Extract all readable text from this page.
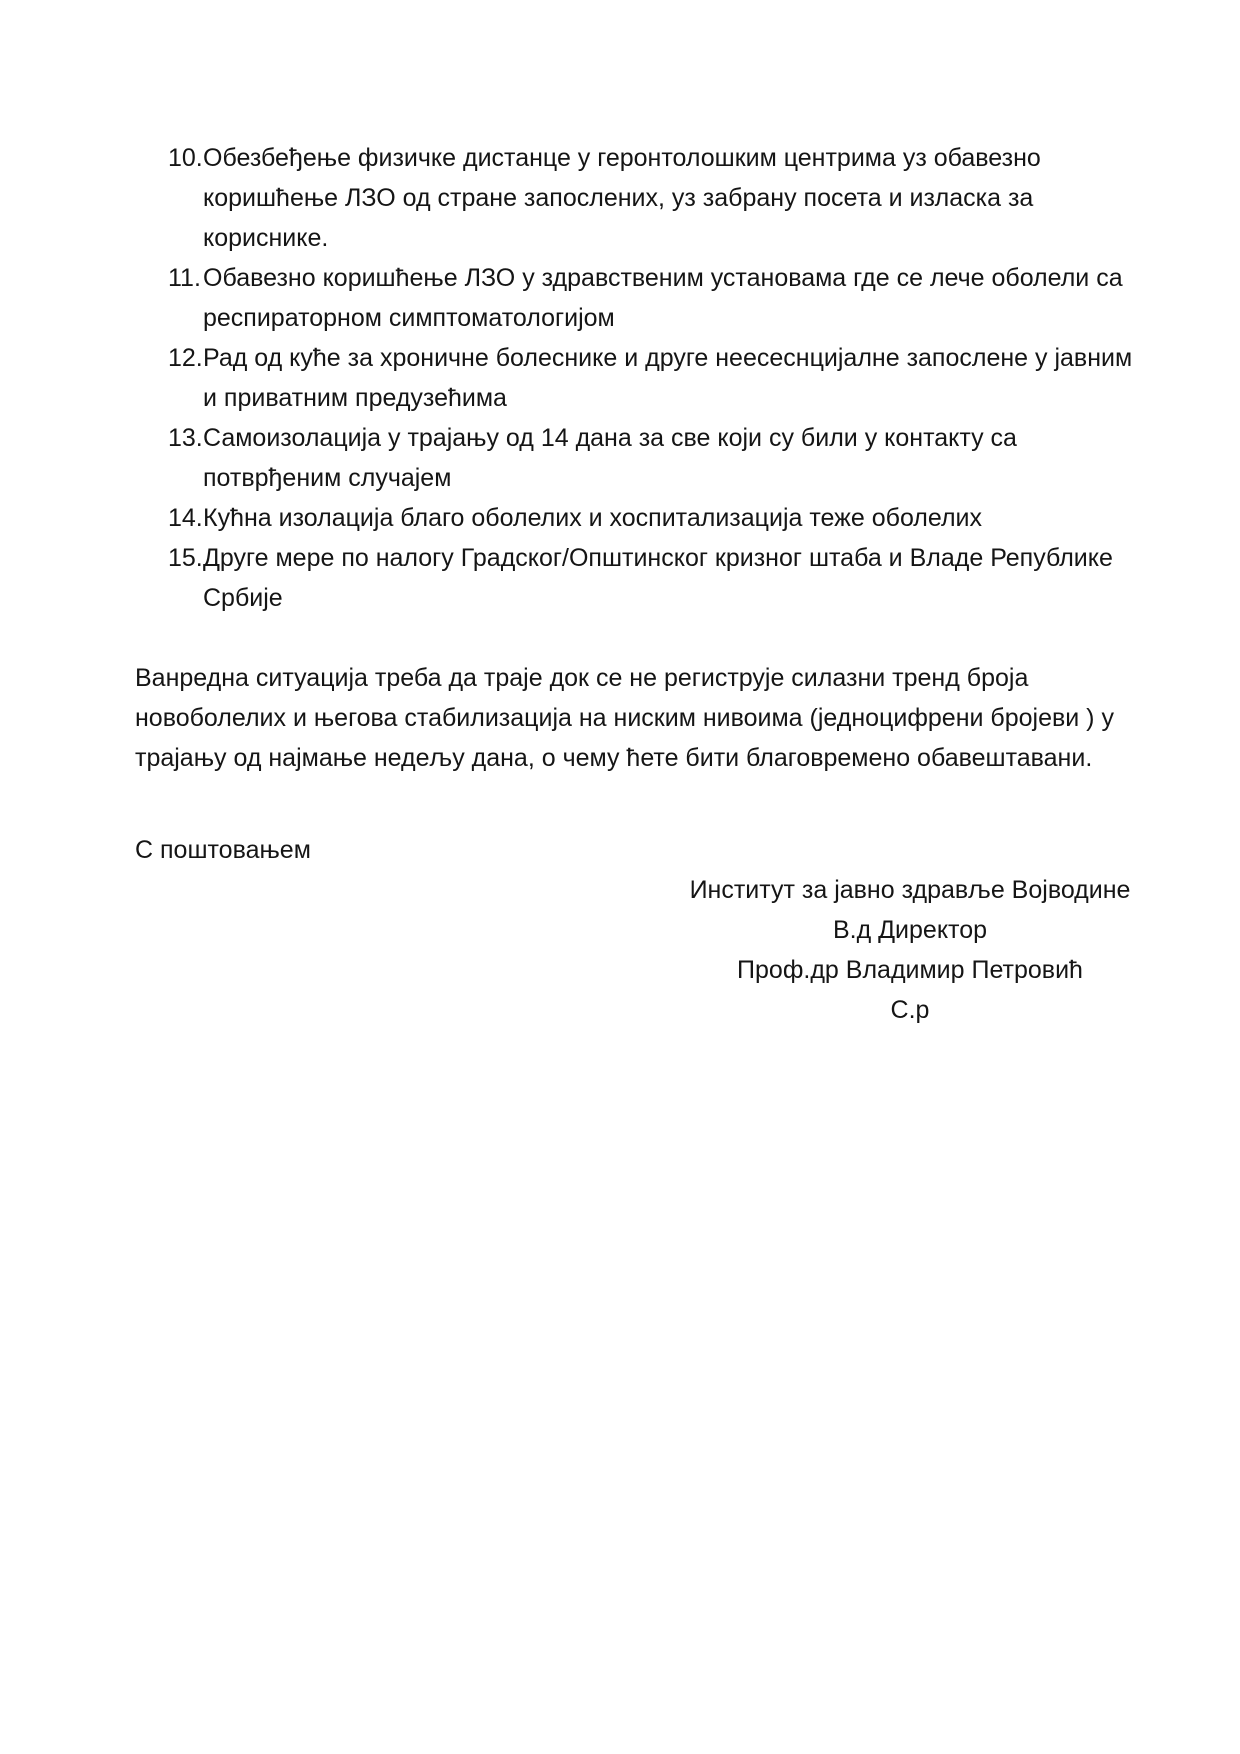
10. Обезбеђење физичке дистанце у геронтолошким центрима уз обавезно
коришћење ЛЗО од стране запослених, уз забрану посета и изласка за
кориснике.
11. Обавезно коришћење ЛЗО у здравственим установама где се лече оболели са
респираторном симптоматологијом
12. Рад од куће за хроничне болеснике и друге неесеснцијалне запослене у јавним
и приватним предузећима
13. Самоизолација у трајању од 14 дана за све који су били у контакту са
потврђеним случајем
14. Кућна изолација благо оболелих и хоспитализација теже оболелих
15. Друге мере по налогу Градског/Општинског кризног штаба и Владе Републике
Србије
Ванредна ситуација треба да траје док се не региструје силазни тренд броја
новоболелих и његова стабилизација на ниским нивоима (једноцифрени бројеви ) у
трајању од најмање недељу дана, о чему ћете бити благовремено обавештавани.
С поштовањем
Институт за јавно здравље Војводине
В.д Директор
Проф.др Владимир Петровић
С.р
